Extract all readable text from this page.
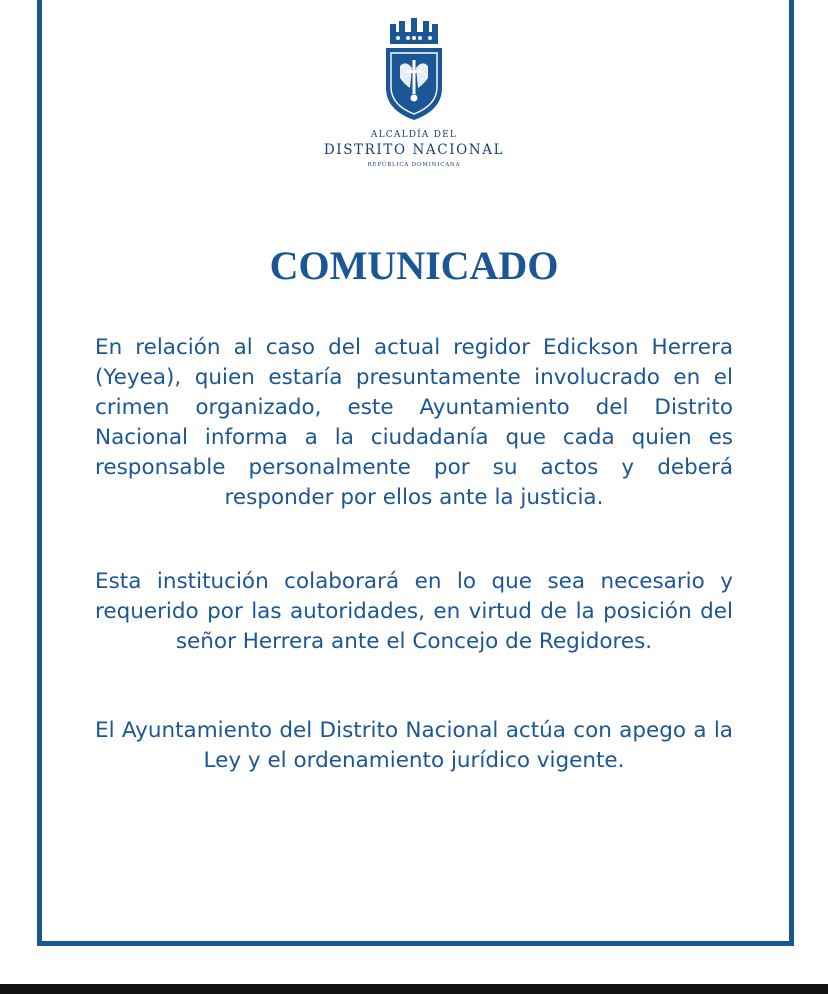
ALCALDÍA DEL
DISTRITO NACIONAL
REPÚBLICA DOMINICANA
COMUNICADO

En relación al caso del actual regidor Edickson Herrera (Yeyea), quien estaría presuntamente involucrado en el crimen organizado, este Ayuntamiento del Distrito Nacional informa a la ciudadanía que cada quien es responsable personalmente por su actos y deberá responder por ellos ante la justicia.

Esta institución colaborará en lo que sea necesario y requerido por las autoridades, en virtud de la posición del señor Herrera ante el Concejo de Regidores.

El Ayuntamiento del Distrito Nacional actúa con apego a la Ley y el ordenamiento jurídico vigente.
